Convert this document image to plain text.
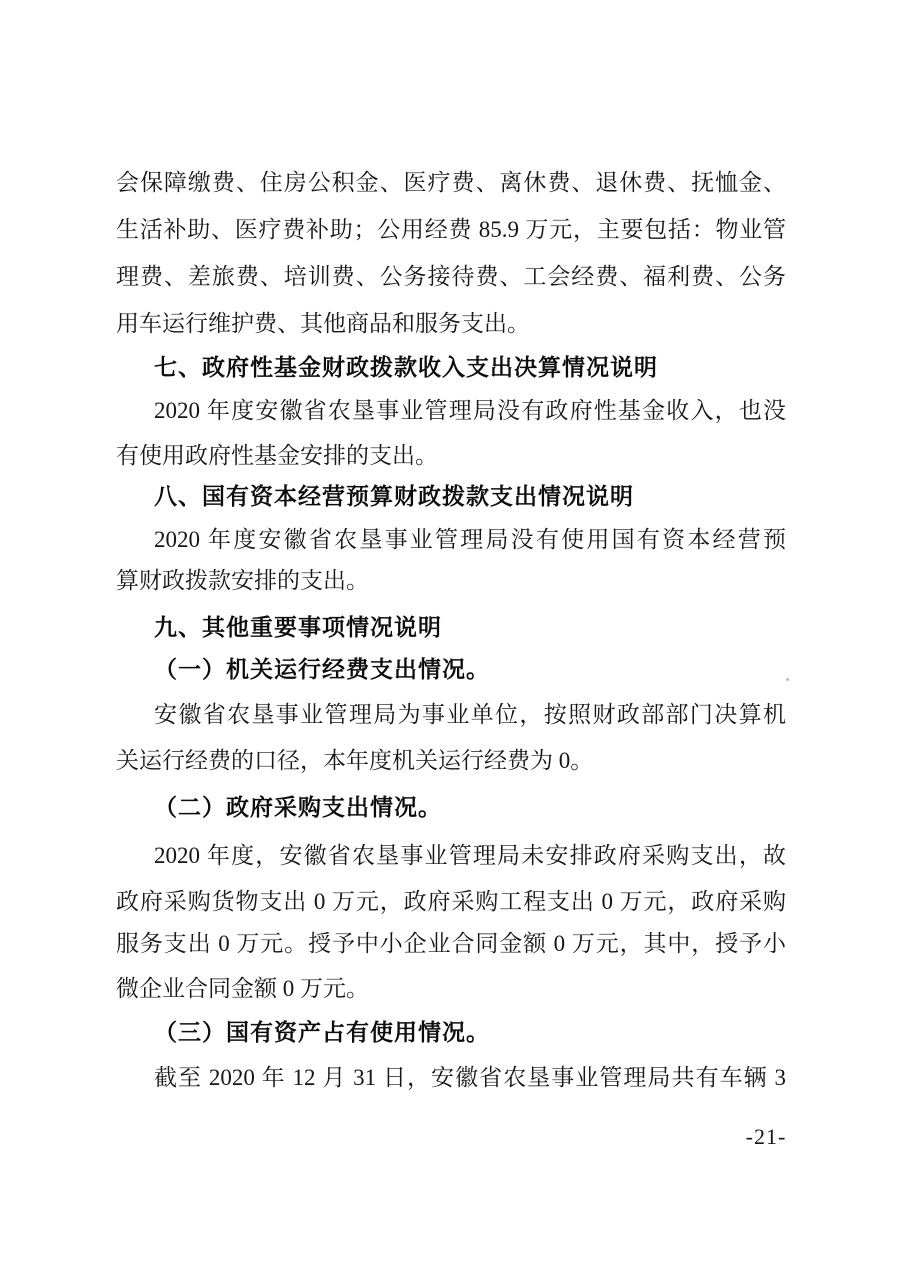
会保障缴费、住房公积金、医疗费、离休费、退休费、抚恤金、
生活补助、医疗费补助；公用经费 85.9 万元，主要包括：物业管
理费、差旅费、培训费、公务接待费、工会经费、福利费、公务
用车运行维护费、其他商品和服务支出。
七、政府性基金财政拨款收入支出决算情况说明
2020 年度安徽省农垦事业管理局没有政府性基金收入，也没
有使用政府性基金安排的支出。
八、国有资本经营预算财政拨款支出情况说明
2020 年度安徽省农垦事业管理局没有使用国有资本经营预
算财政拨款安排的支出。
九、其他重要事项情况说明
（一）机关运行经费支出情况。
安徽省农垦事业管理局为事业单位，按照财政部部门决算机
关运行经费的口径，本年度机关运行经费为 0。
（二）政府采购支出情况。
2020 年度，安徽省农垦事业管理局未安排政府采购支出，故
政府采购货物支出 0 万元，政府采购工程支出 0 万元，政府采购
服务支出 0 万元。授予中小企业合同金额 0 万元，其中，授予小
微企业合同金额 0 万元。
（三）国有资产占有使用情况。
截至 2020 年 12 月 31 日，安徽省农垦事业管理局共有车辆 3
-21-
